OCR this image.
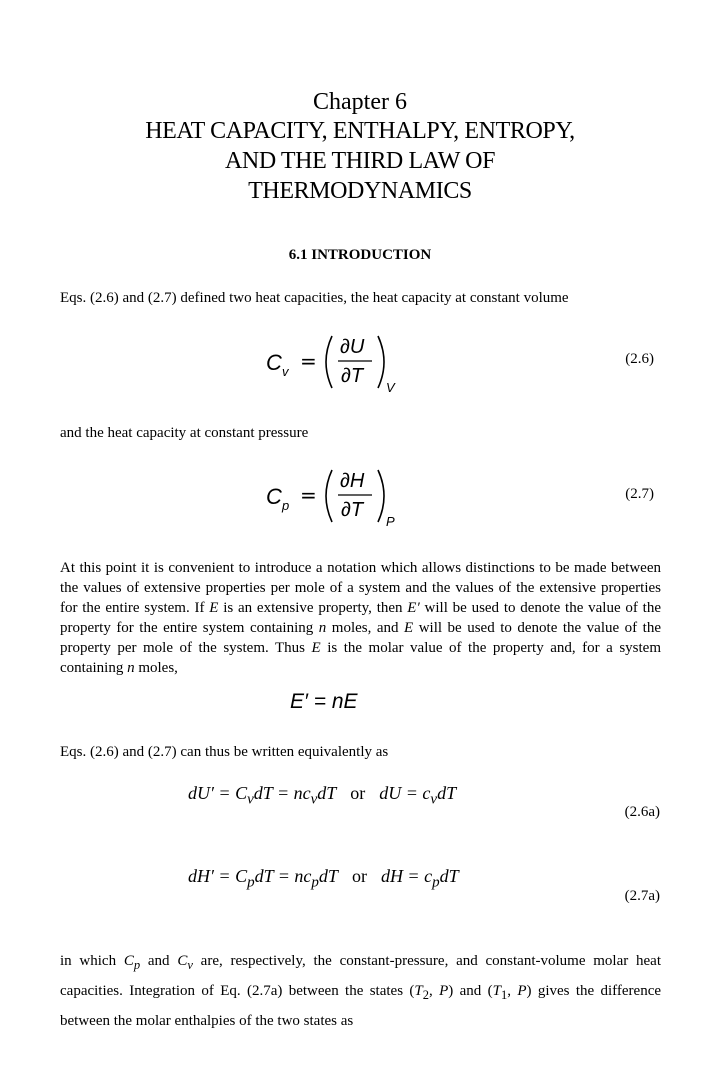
Chapter 6
HEAT CAPACITY, ENTHALPY, ENTROPY,
AND THE THIRD LAW OF
THERMODYNAMICS
6.1 INTRODUCTION

Eqs. (2.6) and (2.7) defined two heat capacities, the heat capacity at constant volume

C v =
∂U
∂T
V
(2.6)

and the heat capacity at constant pressure

C p =
∂H
∂T
P
(2.7)

At this point it is convenient to introduce a notation which allows distinctions to be made between the values of extensive properties per mole of a system and the values of the extensive properties for the entire system. If E is an extensive property, then E′ will be used to denote the value of the property for the entire system containing n moles, and E will be used to denote the value of the property per mole of the system. Thus E is the molar value of the property and, for a system containing n moles,

E′ = nE

Eqs. (2.6) and (2.7) can thus be written equivalently as

$dU' = C_vdT = nc_vdT$ or dU = $c_vdT$
(2.6a)
$dH' = C_pdT = nc_pdT$ or dH = $c_pdT$
(2.7a)

in which $C_p$ and $C_v$ are, respectively, the constant-pressure, and constant-volume molar heat capacities. Integration of Eq. (2.7a) between the states ($T_2$, P) and ($T_1$, P) gives the difference between the molar enthalpies of the two states as
